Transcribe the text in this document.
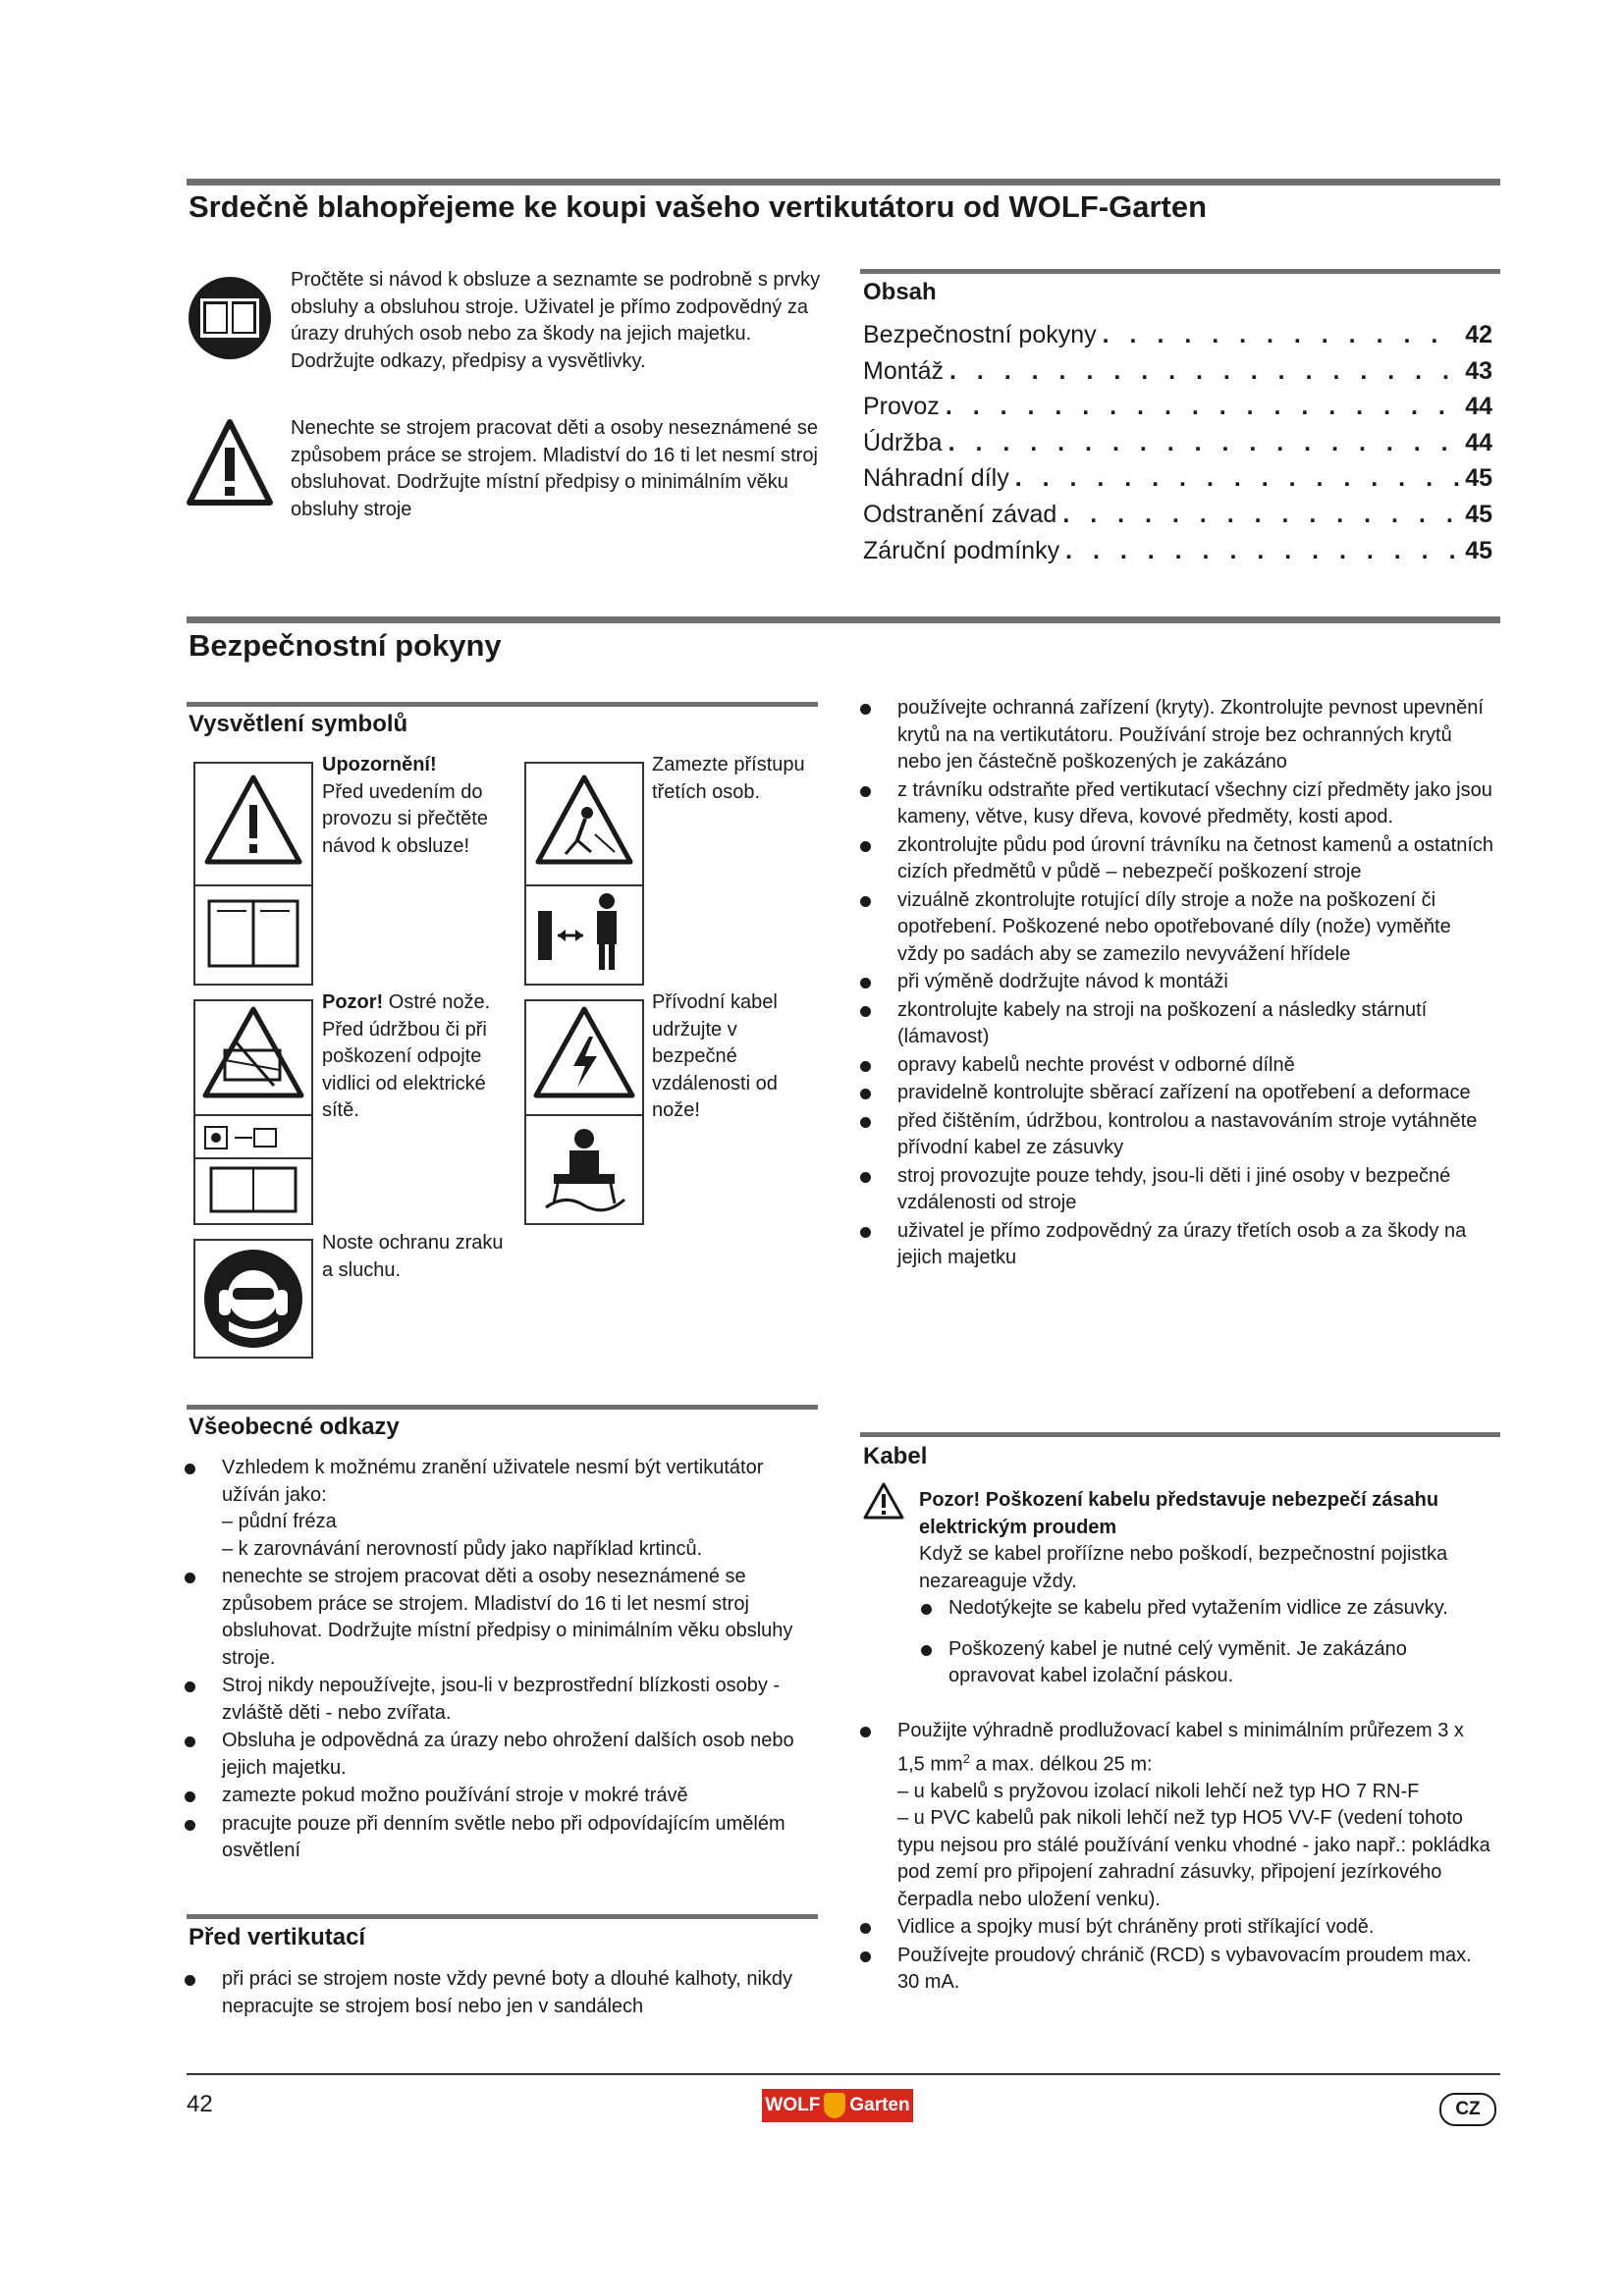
Srdečně blahopřejeme ke koupi vašeho vertikutátoru od WOLF-Garten
Pročtěte si návod k obsluze a seznamte se podrobně s prvky obsluhy a obsluhou stroje. Uživatel je přímo zodpovědný za úrazy druhých osob nebo za škody na jejich majetku. Dodržujte odkazy, předpisy a vysvětlivky.
Nenechte se strojem pracovat děti a osoby neseznámené se způsobem práce se strojem. Mladiství do 16 ti let nesmí stroj obsluhovat. Dodržujte místní předpisy o minimálním věku obsluhy stroje
Obsah
Bezpečnostní pokyny . . .	42
Montáž . . .	43
Provoz . . .	44
Údržba . . .	44
Náhradní díly . . .	45
Odstranění závad . . .	45
Záruční podmínky . . .	45
Bezpečnostní pokyny
Vysvětlení symbolů
Upozornění!
Před uvedením do provozu si přečtěte návod k obsluze!
Zamezte přístupu třetích osob.
Pozor! Ostré nože. Před údržbou či při poškození odpojte vidlici od elektrické sítě.
Přívodní kabel udržujte v bezpečné vzdálenosti od nože!
Noste ochranu zraku a sluchu.
Všeobecné odkazy
Vzhledem k možnému zranění uživatele nesmí být vertikutátor užíván jako:
– půdní fréza
– k zarovnávání nerovností půdy jako například krtinců.
nenechte se strojem pracovat děti a osoby neseznámené se způsobem práce se strojem. Mladiství do 16 ti let nesmí stroj obsluhovat. Dodržujte místní předpisy o minimálním věku obsluhy stroje.
Stroj nikdy nepoužívejte, jsou-li v bezprostřední blízkosti osoby - zvláště děti - nebo zvířata.
Obsluha je odpovědná za úrazy nebo ohrožení dalších osob nebo jejich majetku.
zamezte pokud možno používání stroje v mokré trávě
pracujte pouze při denním světle nebo při odpovídajícím umělém osvětlení
Před vertikutací
při práci se strojem noste vždy pevné boty a dlouhé kalhoty, nikdy nepracujte se strojem bosí nebo jen v sandálech
používejte ochranná zařízení (kryty). Zkontrolujte pevnost upevnění krytů na na vertikutátoru. Používání stroje bez ochranných krytů nebo jen částečně poškozených je zakázáno
z trávníku odstraňte před vertikutací všechny cizí předměty jako jsou kameny, větve, kusy dřeva, kovové předměty, kosti apod.
zkontrolujte půdu pod úrovní trávníku na četnost kamenů a ostatních cizích předmětů v půdě – nebezpečí poškození stroje
vizuálně zkontrolujte rotující díly stroje a nože na poškození či opotřebení. Poškozené nebo opotřebované díly (nože) vyměňte vždy po sadách aby se zamezilo nevyvážení hřídele
při výměně dodržujte návod k montáži
zkontrolujte kabely na stroji na poškození a následky stárnutí (lámavost)
opravy kabelů nechte provést v odborné dílně
pravidelně kontrolujte sběrací zařízení na opotřebení a deformace
před čištěním, údržbou, kontrolou a nastavováním stroje vytáhněte přívodní kabel ze zásuvky
stroj provozujte pouze tehdy, jsou-li děti i jiné osoby v bezpečné vzdálenosti od stroje
uživatel je přímo zodpovědný za úrazy třetích osob a za škody na jejich majetku
Kabel
Pozor! Poškození kabelu představuje nebezpečí zásahu elektrickým proudem
Když se kabel proříízne nebo poškodí, bezpečnostní pojistka nezareaguje vždy.
Nedotýkejte se kabelu před vytažením vidlice ze zásuvky.
Poškozený kabel je nutné celý vyměnit. Je zakázáno opravovat kabel izolační páskou.
Použijte výhradně prodlužovací kabel s minimálním průřezem 3 x 1,5 $mm^2$ a max. délkou 25 m:
– u kabelů s pryžovou izolací nikoli lehčí než typ HO 7 RN-F
– u PVC kabelů pak nikoli lehčí než typ HO5 VV-F (vedení tohoto typu nejsou pro stálé používání venku vhodné - jako např.: pokládka pod zemí pro připojení zahradní zásuvky, připojení jezírkového čerpadla nebo uložení venku).
Vidlice a spojky musí být chráněny proti stříkající vodě.
Používejte proudový chránič (RCD) s vybavovacím proudem max. 30 mA.
42	WOLF Garten	CZ
